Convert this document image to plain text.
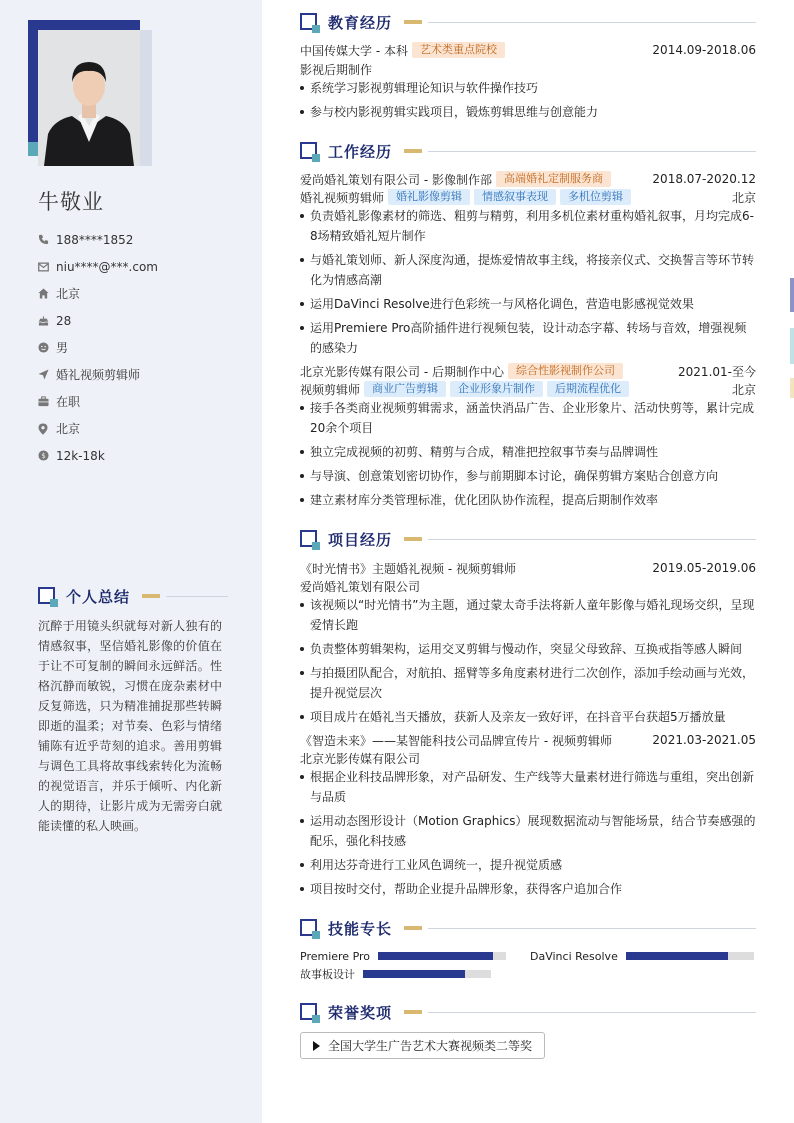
牛敬业
188****1852
niu****@***.com
北京
28
男
婚礼视频剪辑师
在职
北京
$ 12k-18k
个人总结
沉醉于用镜头织就每对新人独有的情感叙事，坚信婚礼影像的价值在于让不可复制的瞬间永远鲜活。性格沉静而敏锐，习惯在庞杂素材中反复筛选，只为精准捕捉那些转瞬即逝的温柔；对节奏、色彩与情绪铺陈有近乎苛刻的追求。善用剪辑与调色工具将故事线索转化为流畅的视觉语言，并乐于倾听、内化新人的期待，让影片成为无需旁白就能读懂的私人映画。
教育经历
中国传媒大学 - 本科	艺术类重点院校	2014.09-2018.06
影视后期制作
系统学习影视剪辑理论知识与软件操作技巧
参与校内影视剪辑实践项目，锻炼剪辑思维与创意能力
工作经历
爱尚婚礼策划有限公司 - 影像制作部	高端婚礼定制服务商	2018.07-2020.12
婚礼视频剪辑师	婚礼影像剪辑	情感叙事表现	多机位剪辑	北京
负责婚礼影像素材的筛选、粗剪与精剪，利用多机位素材重构婚礼叙事，月均完成6-8场精致婚礼短片制作
与婚礼策划师、新人深度沟通，提炼爱情故事主线，将接亲仪式、交换誓言等环节转化为情感高潮
运用DaVinci Resolve进行色彩统一与风格化调色，营造电影感视觉效果
运用Premiere Pro高阶插件进行视频包装，设计动态字幕、转场与音效，增强视频的感染力
北京光影传媒有限公司 - 后期制作中心	综合性影视制作公司	2021.01-至今
视频剪辑师	商业广告剪辑	企业形象片制作	后期流程优化	北京
接手各类商业视频剪辑需求，涵盖快消品广告、企业形象片、活动快剪等，累计完成20余个项目
独立完成视频的初剪、精剪与合成，精准把控叙事节奏与品牌调性
与导演、创意策划密切协作，参与前期脚本讨论，确保剪辑方案贴合创意方向
建立素材库分类管理标准，优化团队协作流程，提高后期制作效率
项目经历
《时光情书》主题婚礼视频 - 视频剪辑师	2019.05-2019.06
爱尚婚礼策划有限公司
该视频以“时光情书”为主题，通过蒙太奇手法将新人童年影像与婚礼现场交织，呈现爱情长跑
负责整体剪辑架构，运用交叉剪辑与慢动作，突显父母致辞、互换戒指等感人瞬间
与拍摄团队配合，对航拍、摇臂等多角度素材进行二次创作，添加手绘动画与光效，提升视觉层次
项目成片在婚礼当天播放，获新人及亲友一致好评，在抖音平台获超5万播放量
《智造未来》——某智能科技公司品牌宣传片 - 视频剪辑师	2021.03-2021.05
北京光影传媒有限公司
根据企业科技品牌形象，对产品研发、生产线等大量素材进行筛选与重组，突出创新与品质
运用动态图形设计（Motion Graphics）展现数据流动与智能场景，结合节奏感强的配乐，强化科技感
利用达芬奇进行工业风色调统一，提升视觉质感
项目按时交付，帮助企业提升品牌形象，获得客户追加合作
技能专长
Premiere Pro	DaVinci Resolve
故事板设计
荣誉奖项
全国大学生广告艺术大赛视频类二等奖
